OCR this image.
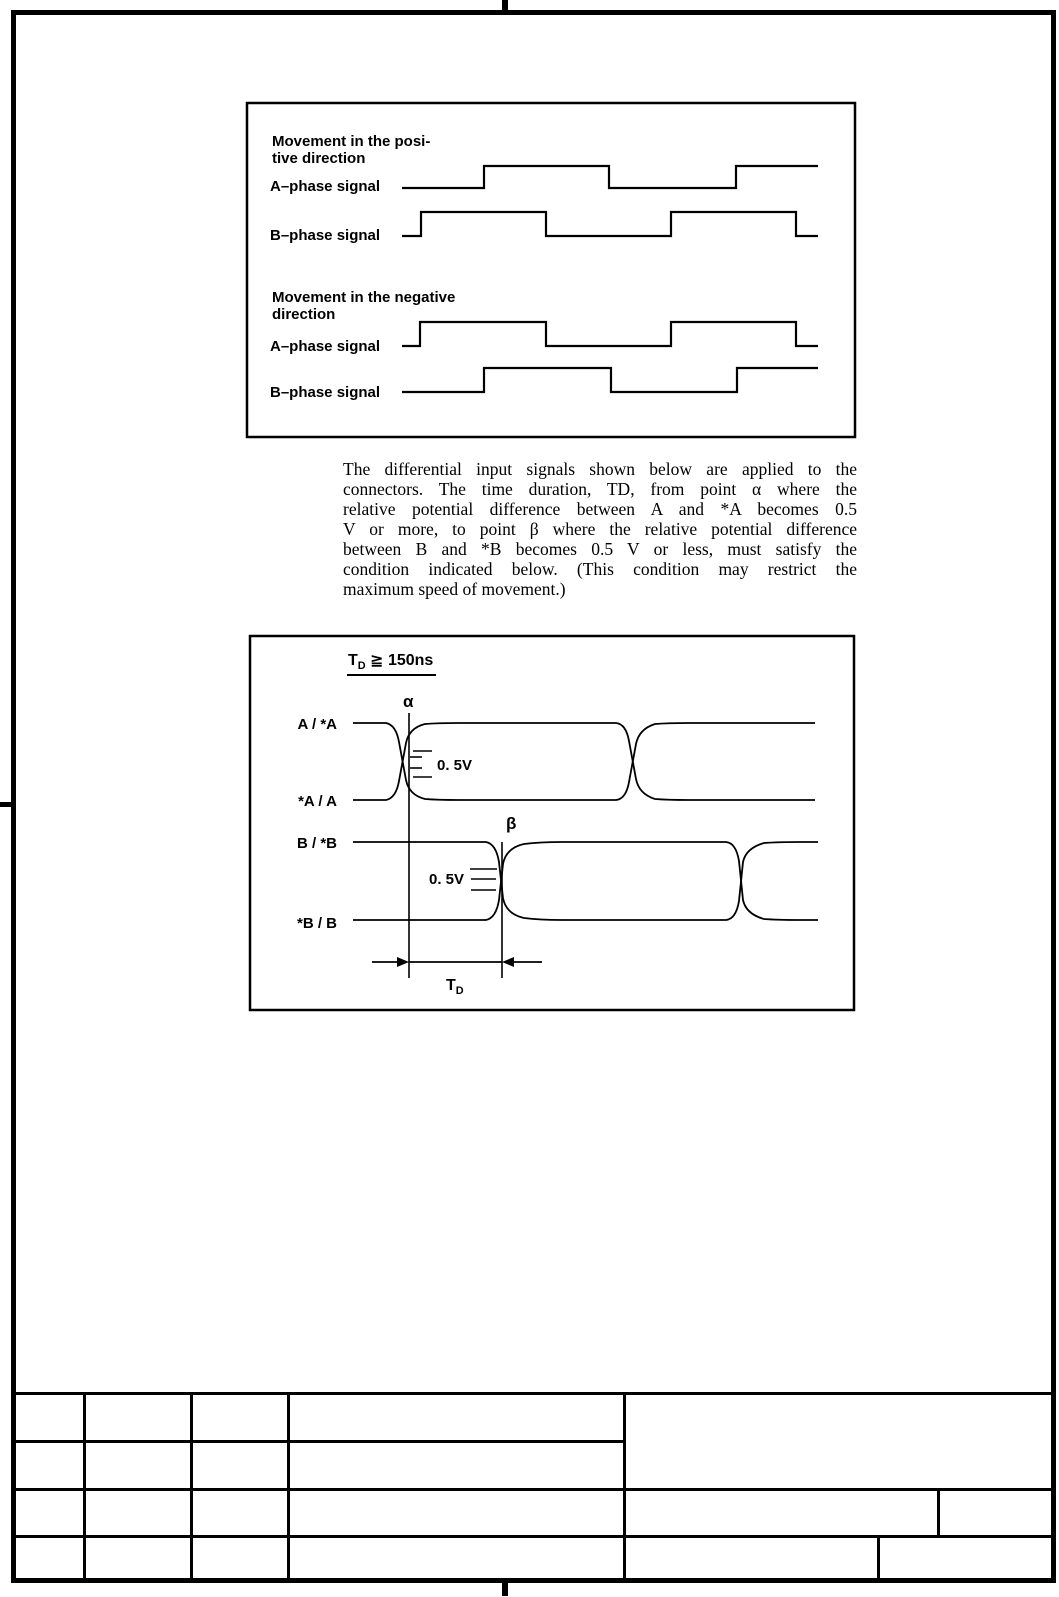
Movement in the posi-
tive direction
A–phase signal
B–phase signal
Movement in the negative
direction
A–phase signal
B–phase signal
The differential input signals shown below are applied to the
connectors. The time duration, TD, from point α where the
relative potential difference between A and *A becomes 0.5
V or more, to point β where the relative potential difference
between B and *B becomes 0.5 V or less, must satisfy the
condition indicated below. (This condition may restrict the
maximum speed of movement.)
$T_D$ ≧ 150ns
α
β
A / *A
*A / A
B / *B
*B / B
0. 5V
0. 5V
$T_D$
